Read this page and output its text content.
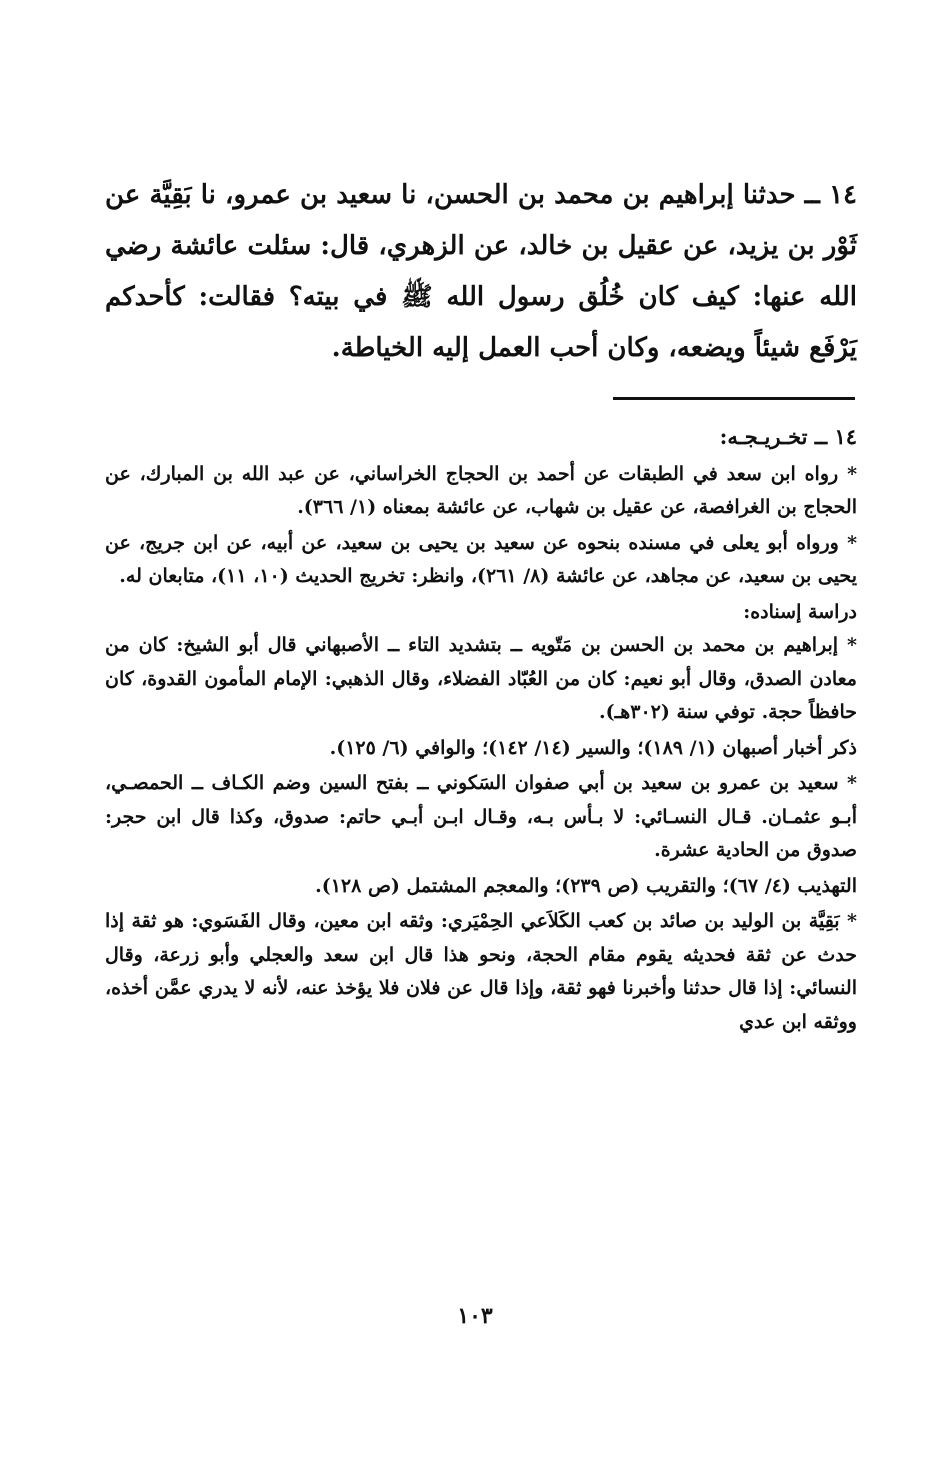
١٤ ــ حدثنا إبراهيم بن محمد بن الحسن، نا سعيد بن عمرو، نا بَقِيَّة عن ثَوْر بن يزيد، عن عقيل بن خالد، عن الزهري، قال: سئلت عائشة رضي الله عنها: كيف كان خُلُق رسول الله ﷺ في بيته؟ فقالت: كأحدكم يَرْفَع شيئاً ويضعه، وكان أحب العمل إليه الخياطة.

١٤ ــ تخـريـجـه:

* رواه ابن سعد في الطبقات عن أحمد بن الحجاج الخراساني، عن عبد الله بن المبارك، عن الحجاج بن الغرافصة، عن عقيل بن شهاب، عن عائشة بمعناه (١/ ٣٦٦).

* ورواه أبو يعلى في مسنده بنحوه عن سعيد بن يحيى بن سعيد، عن أبيه، عن ابن جريج، عن يحيى بن سعيد، عن مجاهد، عن عائشة (٨/ ٢٦١)، وانظر: تخريج الحديث (١٠، ١١)، متابعان له.

دراسة إسناده:

* إبراهيم بن محمد بن الحسن بن مَتّويه ــ بتشديد التاء ــ الأصبهاني قال أبو الشيخ: كان من معادن الصدق، وقال أبو نعيم: كان من العُبّاد الفضلاء، وقال الذهبي: الإمام المأمون القدوة، كان حافظاً حجة. توفي سنة (٣٠٢هـ).

ذكر أخبار أصبهان (١/ ١٨٩)؛ والسير (١٤/ ١٤٢)؛ والوافي (٦/ ١٢٥).

* سعيد بن عمرو بن سعيد بن أبي صفوان السَكوني ــ بفتح السين وضم الكـاف ــ الحمصـي، أبـو عثمـان. قـال النسـائي: لا بـأس بـه، وقـال ابـن أبـي حاتم: صدوق، وكذا قال ابن حجر: صدوق من الحادية عشرة.

التهذيب (٤/ ٦٧)؛ والتقريب (ص ٢٣٩)؛ والمعجم المشتمل (ص ١٢٨).

* بَقِيَّة بن الوليد بن صائد بن كعب الكَلاَعي الحِمْيَري: وثقه ابن معين، وقال الفَسَوي: هو ثقة إذا حدث عن ثقة فحديثه يقوم مقام الحجة، ونحو هذا قال ابن سعد والعجلي وأبو زرعة، وقال النسائي: إذا قال حدثنا وأخبرنا فهو ثقة، وإذا قال عن فلان فلا يؤخذ عنه، لأنه لا يدري عمَّن أخذه، ووثقه ابن عدي

١٠٣
